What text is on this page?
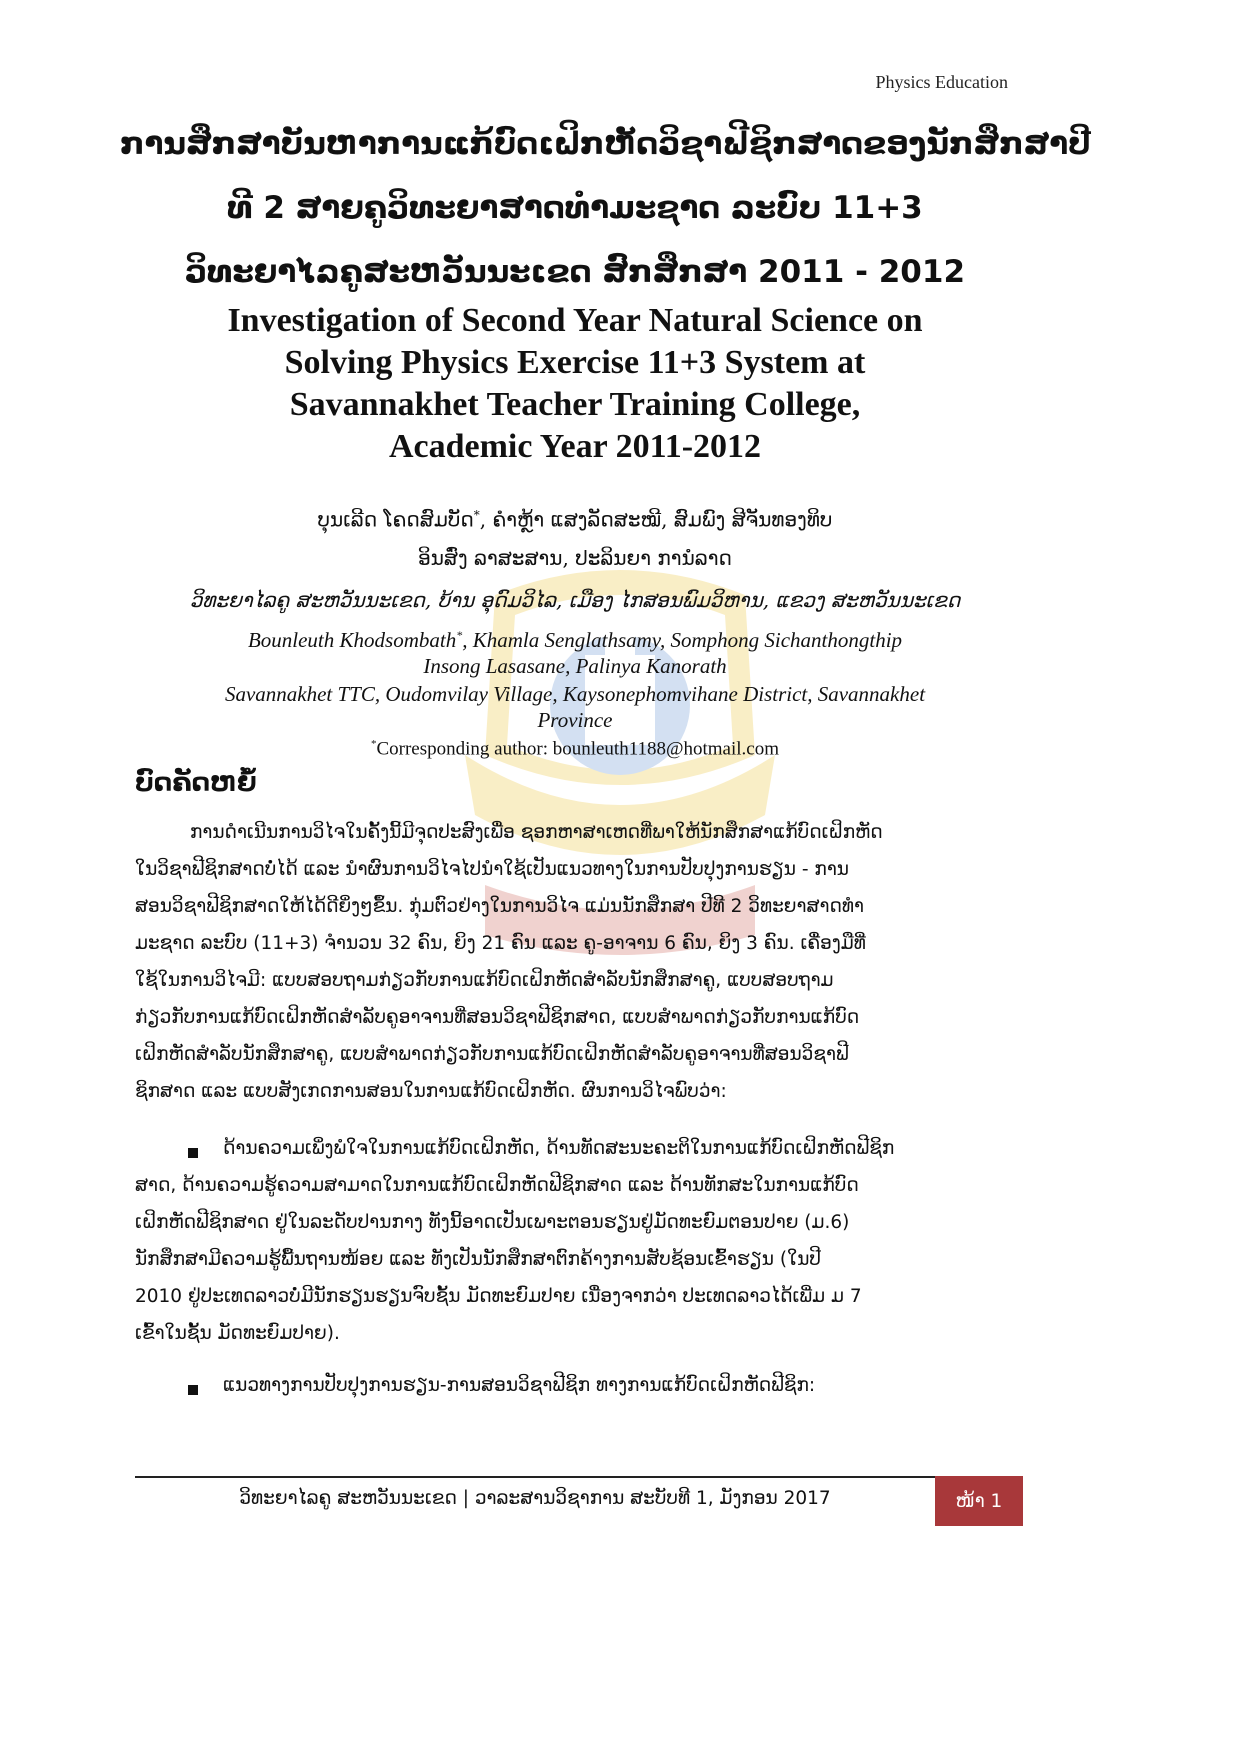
Physics Education
ການສຶກສາບັນຫາການແກ້ບົດເຝິກຫັດວິຊາຟີຊິກສາດຂອງນັກສຶກສາປີ
ທີ 2 ສາຍຄູວິທະຍາສາດທຳມະຊາດ ລະບົບ 11+3
ວິທະຍາໄລຄູສະຫວັນນະເຂດ ສົກສຶກສາ 2011 - 2012
Investigation of Second Year Natural Science on
Solving Physics Exercise 11+3 System at
Savannakhet Teacher Training College,
Academic Year 2011-2012
ບຸນເລີດ ໂຄດສົມບັດ*, ຄຳຫຼ້າ ແສງລັດສະໝີ, ສົມພົງ ສີຈັນທອງທິບ
ອິນສົ່ງ ລາສະສານ, ປະລິນຍາ ການໍລາດ
ວິທະຍາໄລຄູ ສະຫວັນນະເຂດ, ບ້ານ ອຸດົມວິໄລ, ເມືອງ ໄກສອນພົມວິຫານ, ແຂວງ ສະຫວັນນະເຂດ
Bounleuth Khodsombath*, Khamla Senglathsamy, Somphong Sichanthongthip
Insong Lasasane, Palinya Kanorath
Savannakhet TTC, Oudomvilay Village, Kaysonephomvihane District, Savannakhet
Province
*Corresponding author: bounleuth1188@hotmail.com
ບົດຄັດຫຍໍ້
ການດຳເນີນການວິໄຈໃນຄັ້ງນີ້ມີຈຸດປະສົງເພື່ອ ຊອກຫາສາເຫດທີ່ພາໃຫ້ນັກສຶກສາແກ້ບົດເຝິກຫັດ
ໃນວິຊາຟີຊິກສາດບໍ່ໄດ້ ແລະ ນຳຜົນການວິໄຈໄປນຳໃຊ້ເປັນແນວທາງໃນການປັບປຸງການຮຽນ - ການ
ສອນວິຊາຟີຊິກສາດໃຫ້ໄດ້ດີຍິ່ງໆຂຶ້ນ. ກຸ່ມຕົວຢ່າງໃນການວິໄຈ ແມ່ນນັກສຶກສາ ປີທີ 2 ວິທະຍາສາດທຳ
ມະຊາດ ລະບົບ (11+3) ຈຳນວນ 32 ຄົນ, ຍິງ 21 ຄົນ ແລະ ຄູ-ອາຈານ 6 ຄົນ, ຍິງ 3 ຄົນ. ເຄື່ອງມືທີ່
ໃຊ້ໃນການວິໄຈມີ: ແບບສອບຖາມກ່ຽວກັບການແກ້ບົດເຝິກຫັດສຳລັບນັກສຶກສາຄູ, ແບບສອບຖາມ
ກ່ຽວກັບການແກ້ບົດເຝິກຫັດສຳລັບຄູອາຈານທີ່ສອນວິຊາຟີຊິກສາດ, ແບບສຳພາດກ່ຽວກັບການແກ້ບົດ
ເຝິກຫັດສຳລັບນັກສຶກສາຄູ, ແບບສຳພາດກ່ຽວກັບການແກ້ບົດເຝິກຫັດສຳລັບຄູອາຈານທີ່ສອນວິຊາຟີ
ຊິກສາດ ແລະ ແບບສັງເກດການສອນໃນການແກ້ບົດເຝິກຫັດ. ຜົນການວິໄຈພົບວ່າ:
ດ້ານຄວາມເພິ່ງພໍໃຈໃນການແກ້ບົດເຝິກຫັດ, ດ້ານທັດສະນະຄະຕິໃນການແກ້ບົດເຝິກຫັດຟີຊິກ
ສາດ, ດ້ານຄວາມຮູ້ຄວາມສາມາດໃນການແກ້ບົດເຝິກຫັດຟີຊິກສາດ ແລະ ດ້ານທັກສະໃນການແກ້ບົດ
ເຝິກຫັດຟີຊິກສາດ ຢູ່ໃນລະດັບປານກາງ ທັງນີ້ອາດເປັນເພາະຕອນຮຽນຢູ່ມັດທະຍົມຕອນປາຍ (ມ.6)
ນັກສຶກສາມີຄວາມຮູ້ພື້ນຖານໜ້ອຍ ແລະ ທັງເປັນນັກສຶກສາຕົກຄ້າງການສັບຊ້ອນເຂົ້າຮຽນ (ໃນປີ
2010 ຢູ່ປະເທດລາວບໍ່ມີນັກຮຽນຮຽນຈົບຊັ້ນ ມັດທະຍົມປາຍ ເນື່ອງຈາກວ່າ ປະເທດລາວໄດ້ເພີ່ມ ມ 7
ເຂົ້າໃນຊັ້ນ ມັດທະຍົມປາຍ).
ແນວທາງການປັບປຸງການຮຽນ-ການສອນວິຊາຟີຊິກ ທາງການແກ້ບົດເຝິກຫັດຟີຊິກ:
ວິທະຍາໄລຄູ ສະຫວັນນະເຂດ | ວາລະສານວິຊາການ ສະບັບທີ 1, ມັງກອນ 2017	ໜ້າ 1
